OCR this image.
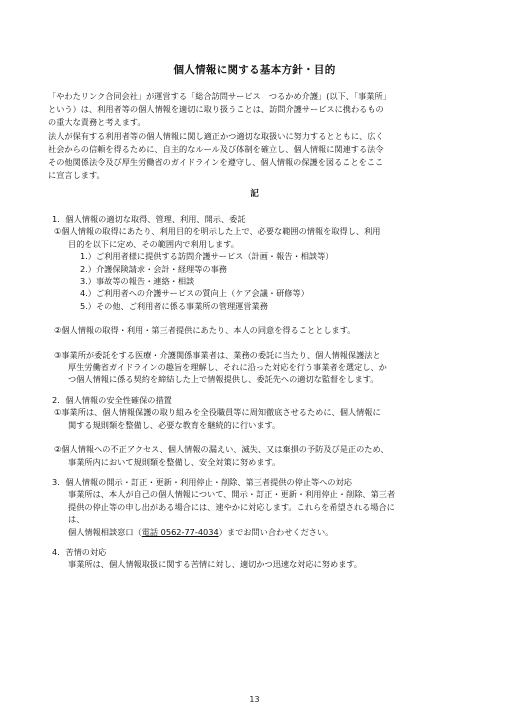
個人情報に関する基本方針・目的

「やわたリンク合同会社」が運営する「総合訪問サービス　つるかめ介護」(以下、｢事業所｣

という）は、利用者等の個人情報を適切に取り扱うことは、訪問介護サービスに携わるもの

の重大な責務と考えます。

法人が保有する利用者等の個人情報に関し適正かつ適切な取扱いに努力するとともに、広く

社会からの信頼を得るために、自主的なルール及び体制を確立し、個人情報に関連する法令

その他関係法令及び厚生労働省のガイドラインを遵守し、個人情報の保護を図ることをここ

に宣言します。

記
1．個人情報の適切な取得、管理、利用、開示、委託
①個人情報の取得にあたり、利用目的を明示した上で、必要な範囲の情報を取得し、利用
目的を以下に定め、その範囲内で利用します。
1.）ご利用者様に提供する訪問介護サービス（計画・報告・相談等）
2.）介護保険請求・会計・経理等の事務
3.）事故等の報告・連絡・相談
4.）ご利用者への介護サービスの質向上（ケア会議・研修等）
5.）その他、ご利用者に係る事業所の管理運営業務
②個人情報の取得・利用・第三者提供にあたり、本人の同意を得ることとします。
③事業所が委託をする医療・介護関係事業者は、業務の委託に当たり、個人情報保護法と
厚生労働省ガイドラインの趣旨を理解し、それに沿った対応を行う事業者を選定し、か
つ個人情報に係る契約を締結した上で情報提供し、委託先への適切な監督をします。
2．個人情報の安全性確保の措置
①事業所は、個人情報保護の取り組みを全役職員等に周知徹底させるために、個人情報に
関する規則類を整備し、必要な教育を継続的に行います。
②個人情報への不正アクセス、個人情報の漏えい、滅失、又は棄損の予防及び是正のため、
事業所内において規則類を整備し、安全対策に努めます。
3．個人情報の開示・訂正・更新・利用停止・削除、第三者提供の停止等への対応
事業所は、本人が自己の個人情報について、開示・訂正・更新・利用停止・削除、第三者
提供の停止等の申し出がある場合には、速やかに対応します。これらを希望される場合に
は、
個人情報相談窓口（電話 0562-77-4034）までお問い合わせください。
4．苦情の対応
事業所は、個人情報取扱に関する苦情に対し、適切かつ迅速な対応に努めます。
13
